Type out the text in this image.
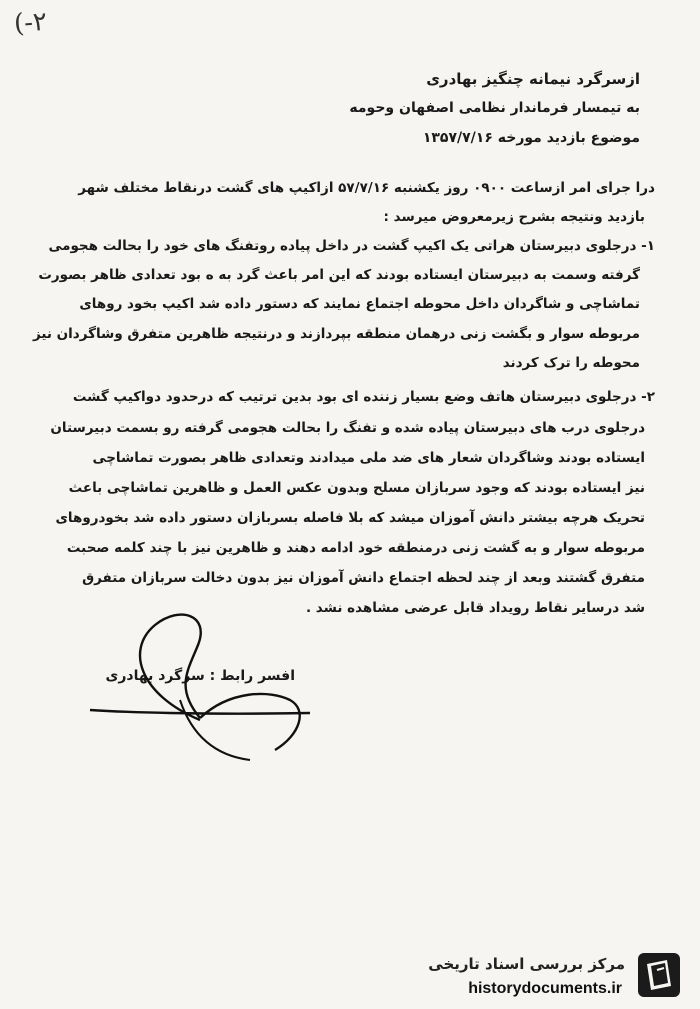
(-٢
ازسرگرد نیمانه چنگیز بهادری
به تیمسار فرماندار نظامی اصفهان وحومه
موضوع بازدید مورخه ۱۳۵۷/۷/۱۶
درا جرای امر ازساعت ۰۹۰۰ روز یکشنبه ۵۷/۷/۱۶ ازاکیپ های گشت درنقاط مختلف شهر
بازدید ونتیجه بشرح زیرمعروض میرسد :
۱- درجلوی دبیرستان هراتی یک اکیپ گشت در داخل پیاده روتفنگ های خود را بحالت هجومی
گرفته وسمت به دبیرستان ایستاده بودند که این امر باعث گرد به ه بود تعدادی ظاهر بصورت
تماشاچی و شاگردان داخل محوطه اجتماع نمایند که دستور داده شد اکیپ بخود روهای
مربوطه سوار و بگشت زنی درهمان منطقه بپردازند و درنتیجه ظاهرین متفرق وشاگردان نیز
محوطه را ترک کردند
۲- درجلوی دبیرستان هاتف وضع بسیار زننده ای بود بدین ترتیب که درحدود دواکیپ گشت
درجلوی درب های دبیرستان پیاده شده و تفنگ را بحالت هجومی گرفته رو بسمت دبیرستان
ایستاده بودند وشاگردان شعار های ضد ملی میدادند وتعدادی ظاهر بصورت تماشاچی
نیز ایستاده بودند که وجود سربازان مسلح وبدون عکس العمل و ظاهرین تماشاچی باعث
تحریک هرچه بیشتر دانش آموزان میشد که بلا فاصله بسربازان دستور داده شد بخودروهای
مربوطه سوار و به گشت زنی درمنطقه خود ادامه دهند و ظاهرین نیز با چند کلمه صحبت
متفرق گشتند وبعد از چند لحظه اجتماع دانش آموزان نیز بدون دخالت سربازان متفرق
شد درسایر نقاط رویداد قابل عرضی مشاهده نشد .
افسر رابط : سرگرد بهادری
مرکز بررسی اسناد تاریخی
historydocuments.ir
